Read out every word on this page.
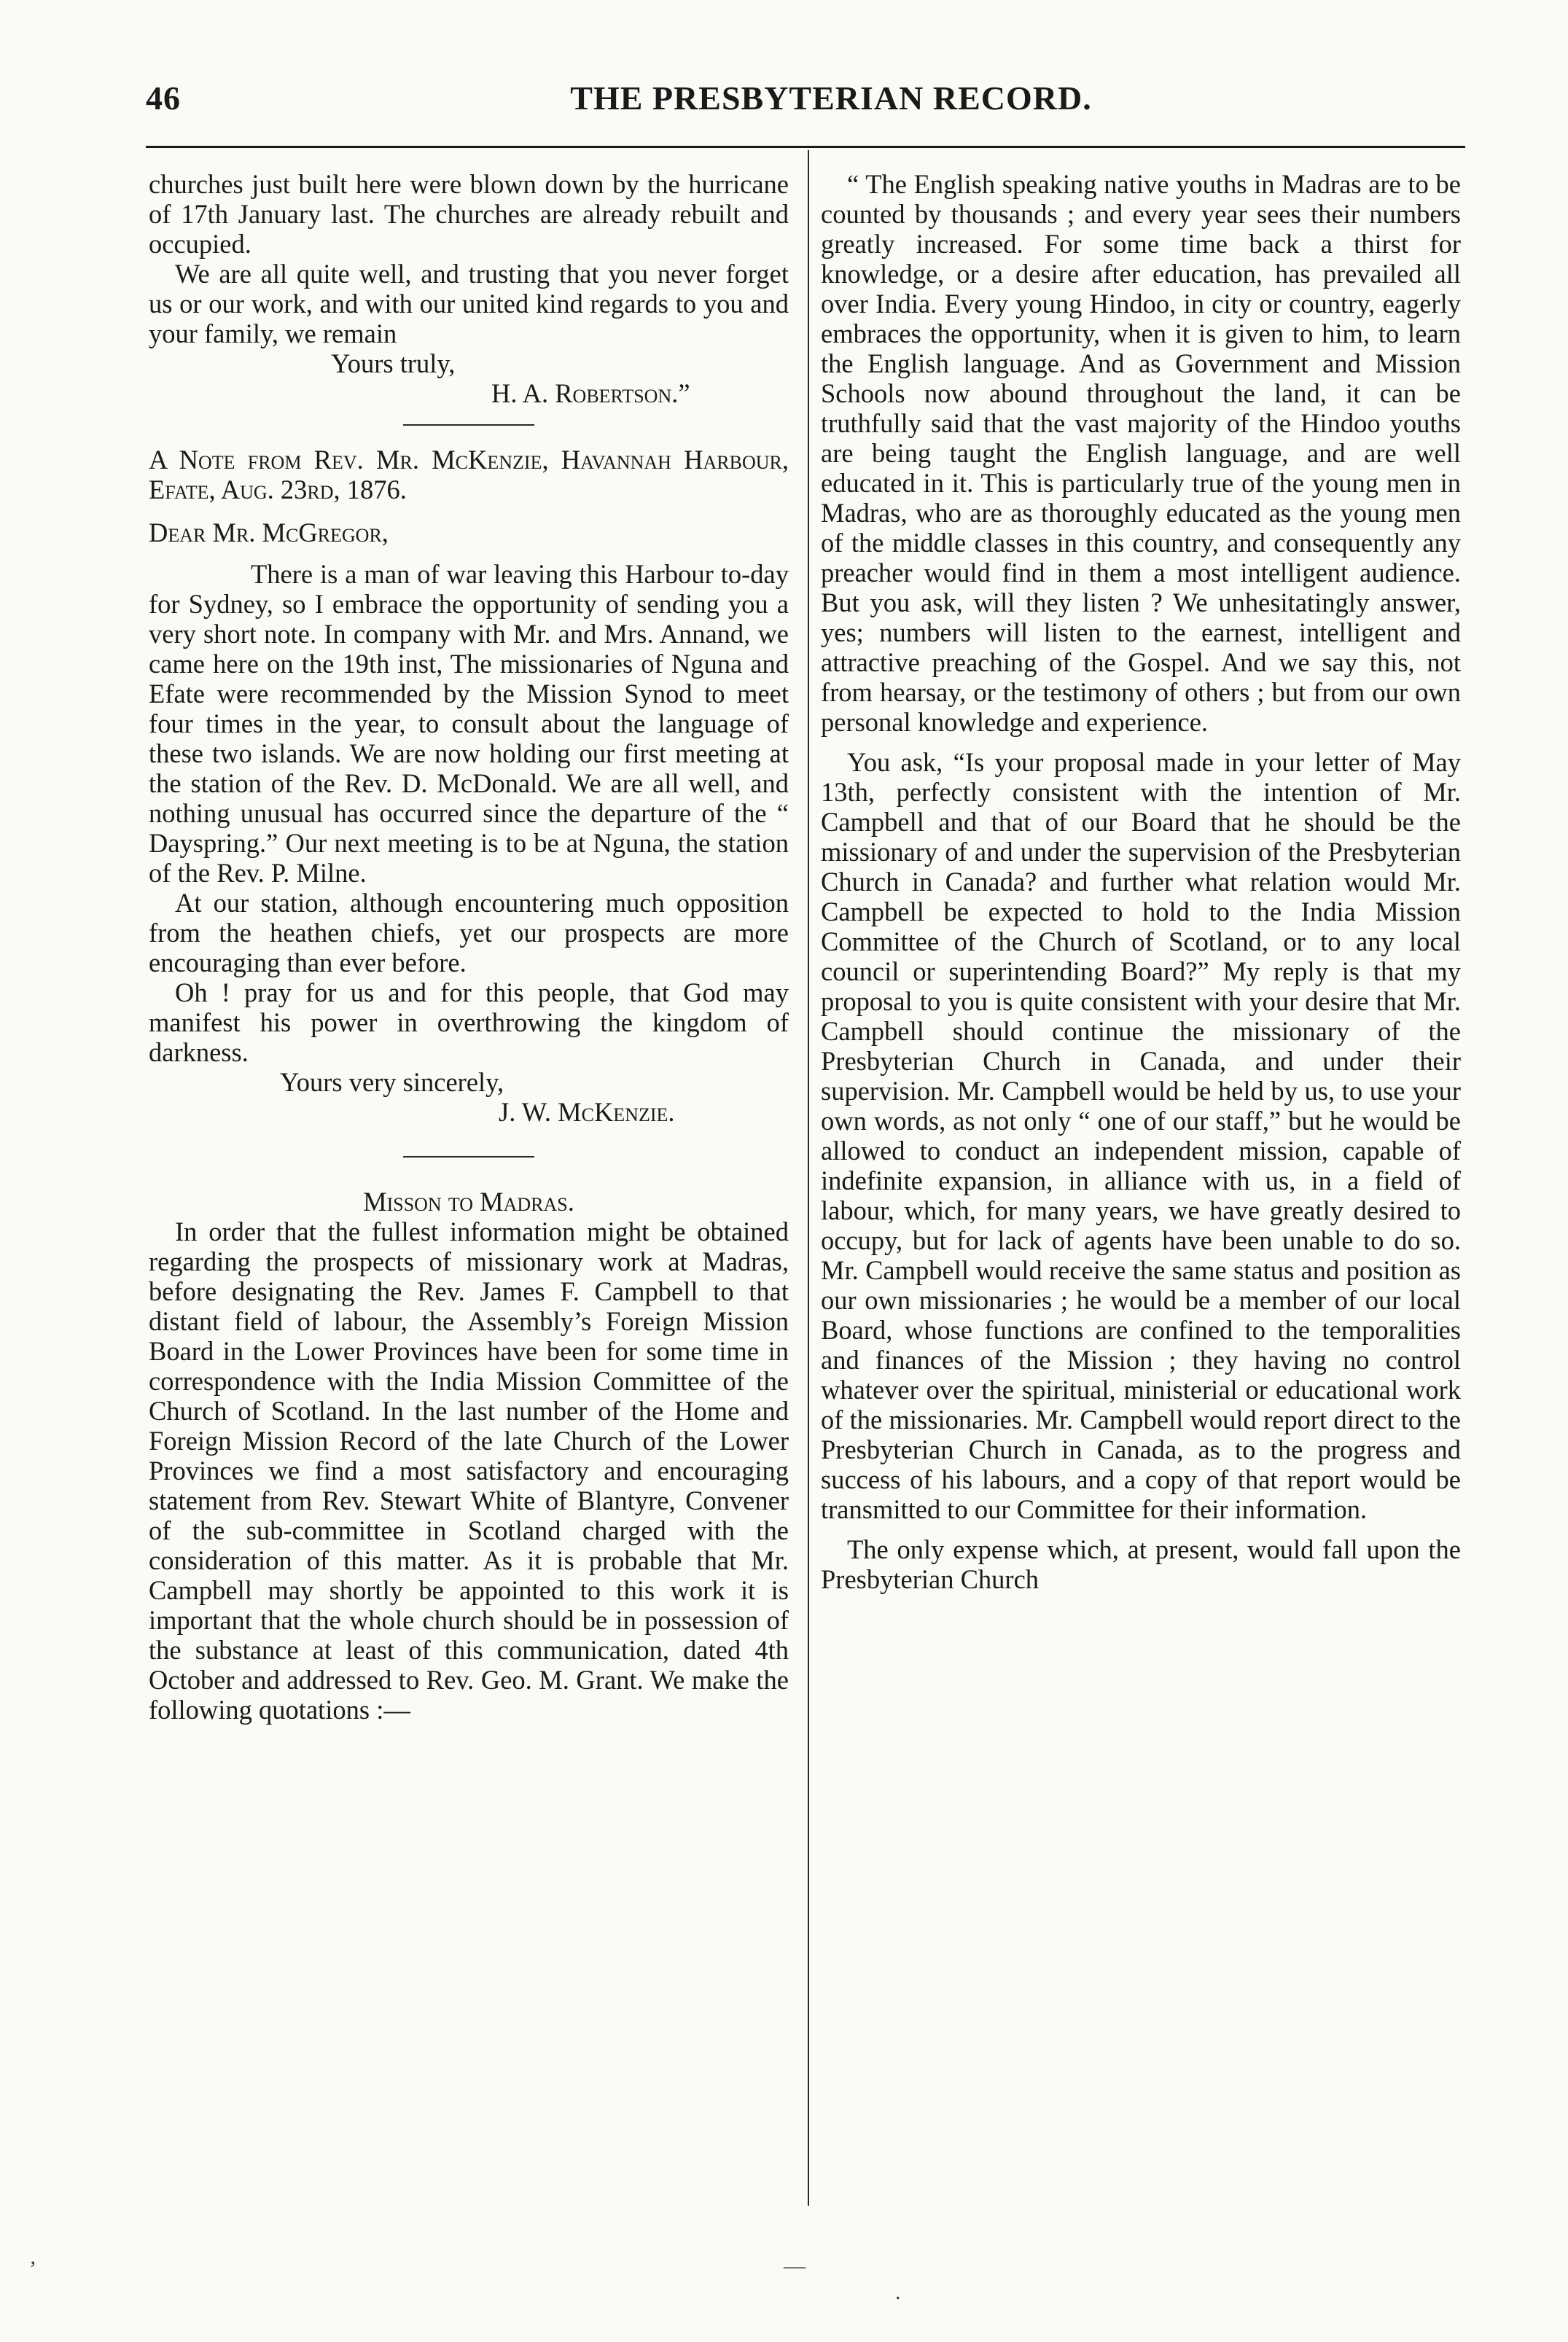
46	THE PRESBYTERIAN RECORD.

churches just built here were blown down by the hurricane of 17th January last. The churches are already rebuilt and occupied.

We are all quite well, and trusting that you never forget us or our work, and with our united kind regards to you and your family, we remain

Yours truly,

H. A. Robertson.”

A Note from Rev. Mr. McKenzie, Havannah Harbour, Efate, Aug. 23rd, 1876.

Dear Mr. McGregor,

There is a man of war leaving this Harbour to-day for Sydney, so I embrace the opportunity of sending you a very short note. In company with Mr. and Mrs. Annand, we came here on the 19th inst, The missionaries of Nguna and Efate were recommended by the Mission Synod to meet four times in the year, to consult about the language of these two islands. We are now holding our first meeting at the station of the Rev. D. McDonald. We are all well, and nothing unusual has occurred since the departure of the “ Dayspring.” Our next meeting is to be at Nguna, the station of the Rev. P. Milne.

At our station, although encountering much opposition from the heathen chiefs, yet our prospects are more encouraging than ever before.

Oh ! pray for us and for this people, that God may manifest his power in overthrowing the kingdom of darkness.

Yours very sincerely,

J. W. McKenzie.

Misson to Madras.

In order that the fullest information might be obtained regarding the prospects of missionary work at Madras, before designating the Rev. James F. Campbell to that distant field of labour, the Assembly’s Foreign Mission Board in the Lower Provinces have been for some time in correspondence with the India Mission Committee of the Church of Scotland. In the last number of the Home and Foreign Mission Record of the late Church of the Lower Provinces we find a most satisfactory and encouraging statement from Rev. Stewart White of Blantyre, Convener of the sub-committee in Scotland charged with the consideration of this matter. As it is probable that Mr. Campbell may shortly be appointed to this work it is important that the whole church should be in possession of the substance at least of this communication, dated 4th October and addressed to Rev. Geo. M. Grant. We make the following quotations :—

“ The English speaking native youths in Madras are to be counted by thousands ; and every year sees their numbers greatly increased. For some time back a thirst for knowledge, or a desire after education, has prevailed all over India. Every young Hindoo, in city or country, eagerly embraces the opportunity, when it is given to him, to learn the English language. And as Government and Mission Schools now abound throughout the land, it can be truthfully said that the vast majority of the Hindoo youths are being taught the English language, and are well educated in it. This is particularly true of the young men in Madras, who are as thoroughly educated as the young men of the middle classes in this country, and consequently any preacher would find in them a most intelligent audience. But you ask, will they listen ? We unhesitatingly answer, yes; numbers will listen to the earnest, intelligent and attractive preaching of the Gospel. And we say this, not from hearsay, or the testimony of others ; but from our own personal knowledge and experience.

You ask, “Is your proposal made in your letter of May 13th, perfectly consistent with the intention of Mr. Campbell and that of our Board that he should be the missionary of and under the supervision of the Presbyterian Church in Canada? and further what relation would Mr. Campbell be expected to hold to the India Mission Committee of the Church of Scotland, or to any local council or superintending Board?” My reply is that my proposal to you is quite consistent with your desire that Mr. Campbell should continue the missionary of the Presbyterian Church in Canada, and under their supervision. Mr. Campbell would be held by us, to use your own words, as not only “ one of our staff,” but he would be allowed to conduct an independent mission, capable of indefinite expansion, in alliance with us, in a field of labour, which, for many years, we have greatly desired to occupy, but for lack of agents have been unable to do so. Mr. Campbell would receive the same status and position as our own missionaries ; he would be a member of our local Board, whose functions are confined to the temporalities and finances of the Mission ; they having no control whatever over the spiritual, ministerial or educational work of the missionaries. Mr. Campbell would report direct to the Presbyterian Church in Canada, as to the progress and success of his labours, and a copy of that report would be transmitted to our Committee for their information.

The only expense which, at present, would fall upon the Presbyterian Church

’	—
.
